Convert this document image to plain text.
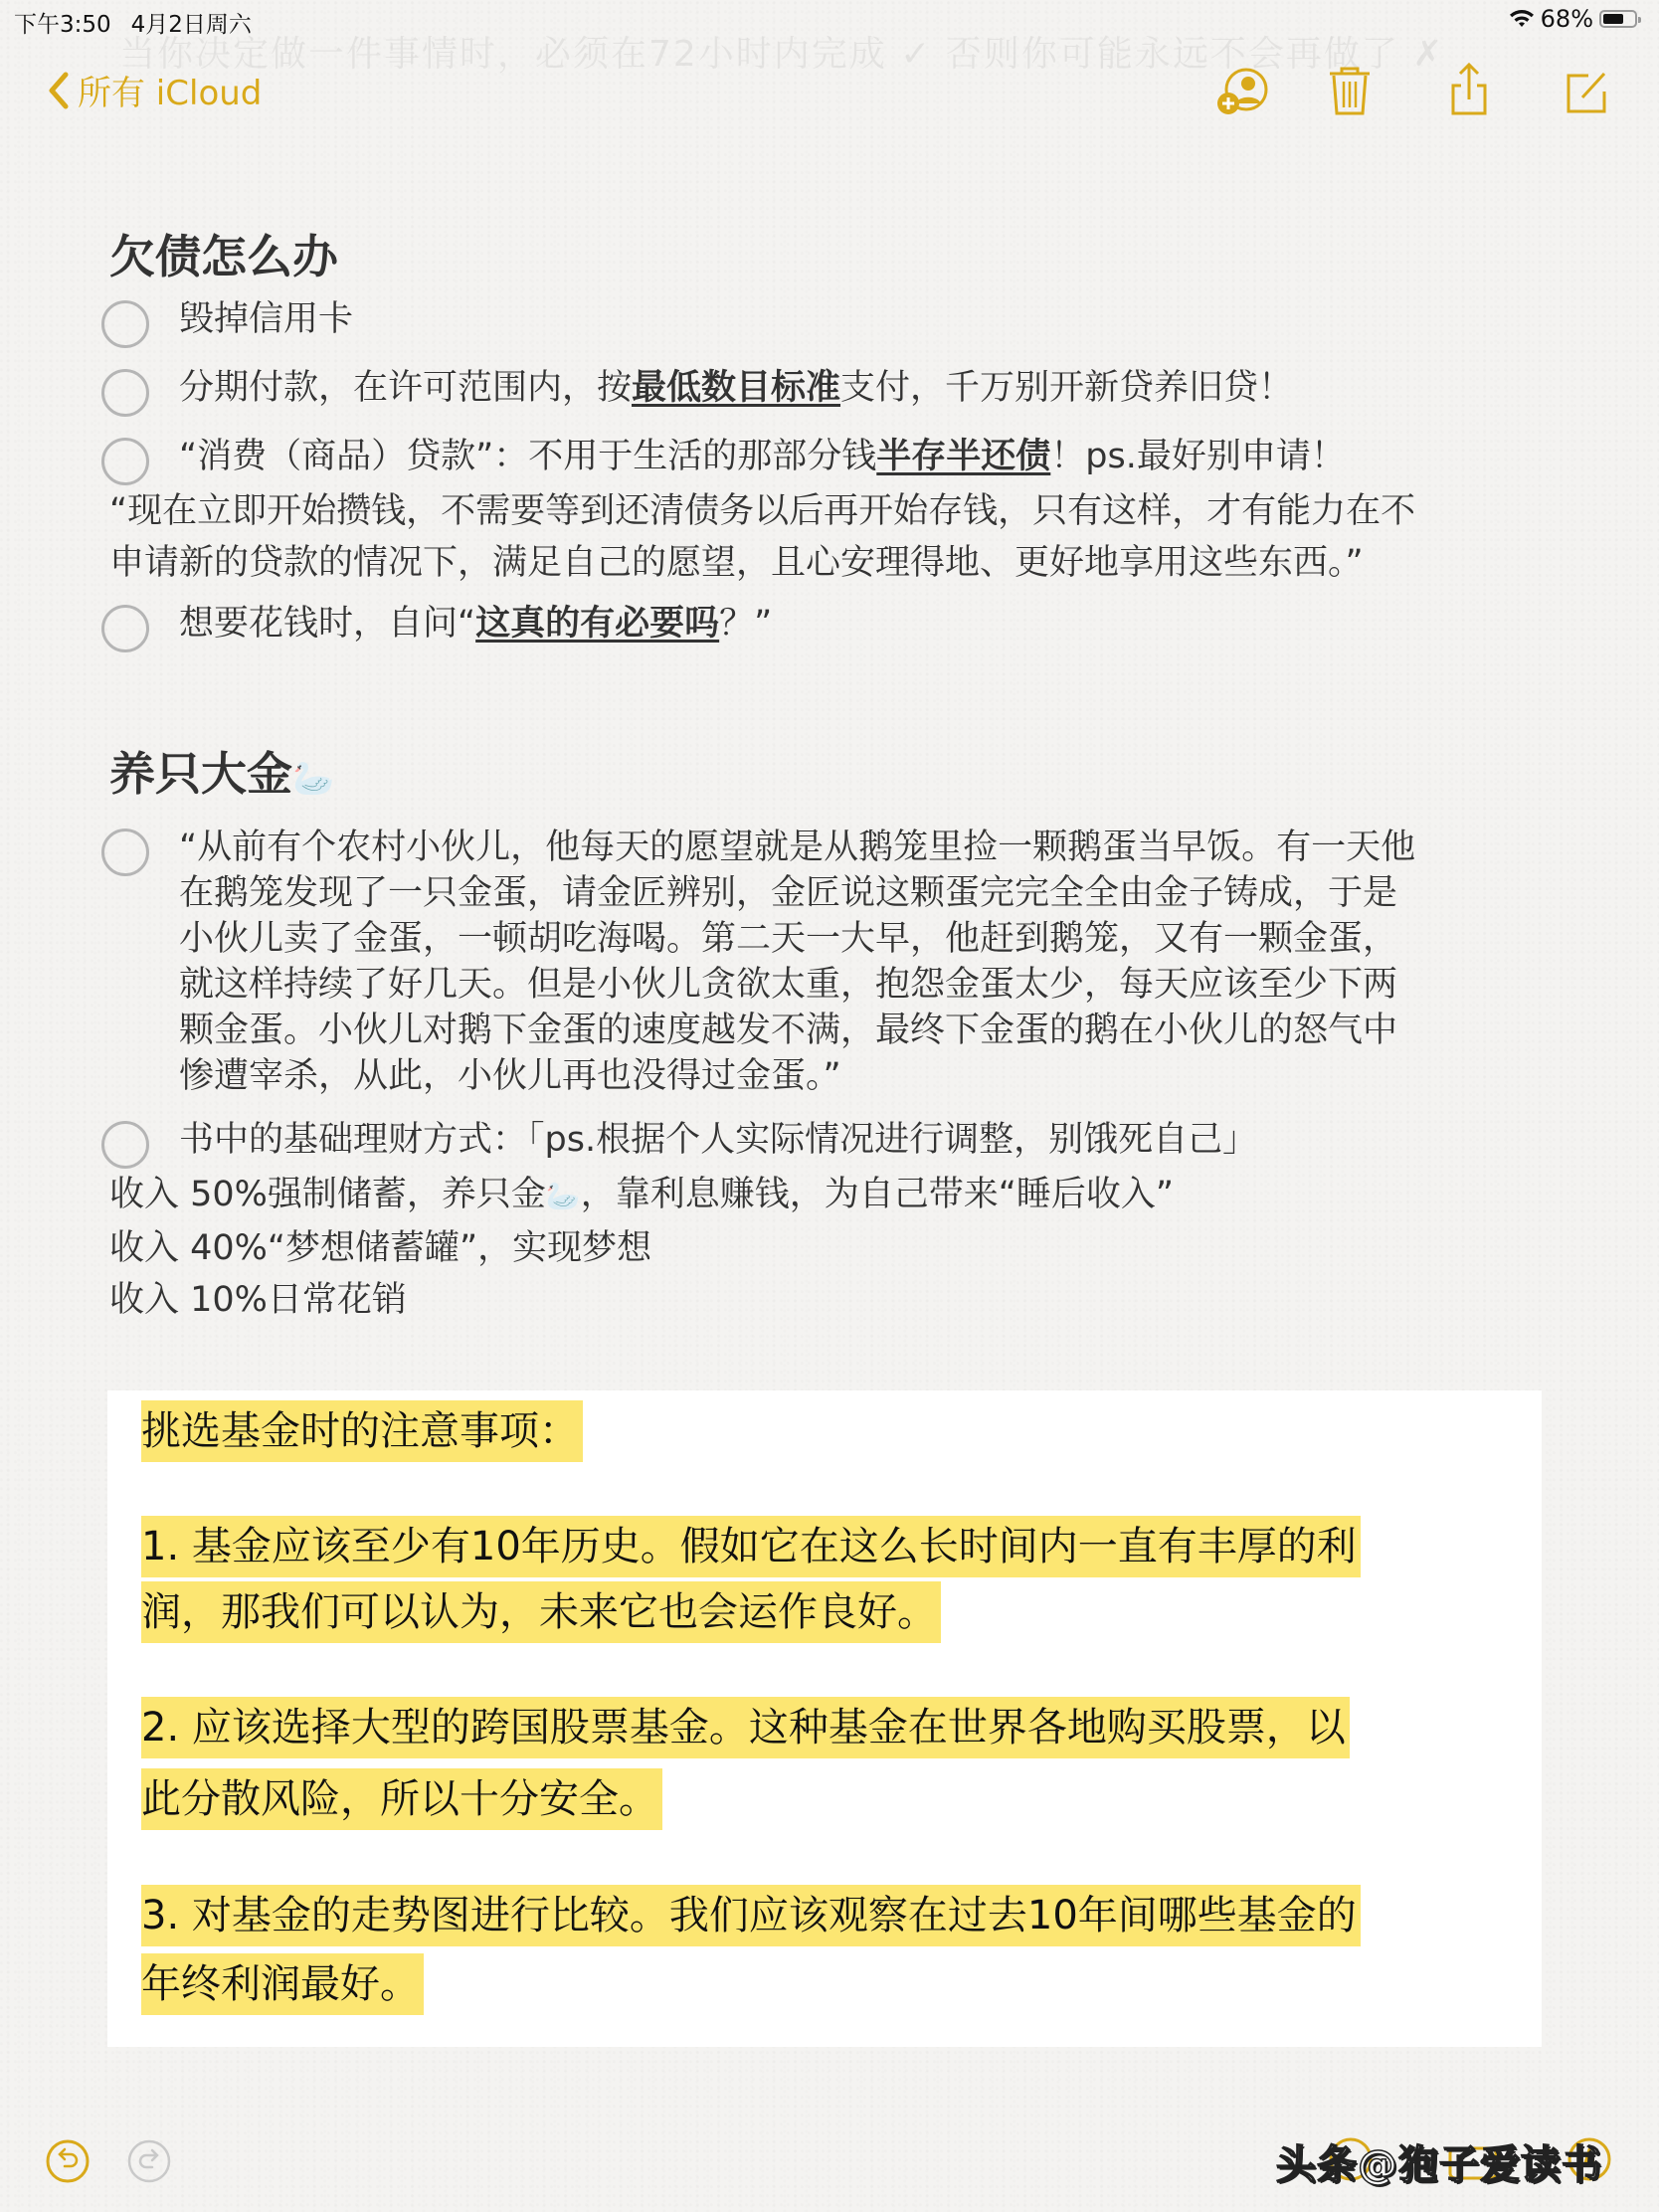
下午3:50 4月2日周六	68%
当你决定做一件事情时，必须在72小时内完成 ✓ 否则你可能永远不会再做了 ✗
所有 iCloud
欠债怎么办
毁掉信用卡
分期付款，在许可范围内，按最低数目标准支付，千万别开新贷养旧贷！
“消费（商品）贷款”：不用于生活的那部分钱半存半还债！ps.最好别申请！
“现在立即开始攒钱，不需要等到还清债务以后再开始存钱，只有这样，才有能力在不
申请新的贷款的情况下，满足自己的愿望，且心安理得地、更好地享用这些东西。”
想要花钱时，自问“这真的有必要吗？”
养只大金🦢
“从前有个农村小伙儿，他每天的愿望就是从鹅笼里捡一颗鹅蛋当早饭。有一天他
在鹅笼发现了一只金蛋，请金匠辨别，金匠说这颗蛋完完全全由金子铸成，于是
小伙儿卖了金蛋，一顿胡吃海喝。第二天一大早，他赶到鹅笼，又有一颗金蛋，
就这样持续了好几天。但是小伙儿贪欲太重，抱怨金蛋太少，每天应该至少下两
颗金蛋。小伙儿对鹅下金蛋的速度越发不满，最终下金蛋的鹅在小伙儿的怒气中
惨遭宰杀，从此，小伙儿再也没得过金蛋。”
书中的基础理财方式：「ps.根据个人实际情况进行调整，别饿死自己」
收入 50%强制储蓄，养只金🦢，靠利息赚钱，为自己带来“睡后收入”
收入 40%“梦想储蓄罐”，实现梦想
收入 10%日常花销
挑选基金时的注意事项：
1. 基金应该至少有10年历史。假如它在这么长时间内一直有丰厚的利
润，那我们可以认为，未来它也会运作良好。
2. 应该选择大型的跨国股票基金。这种基金在世界各地购买股票，以
此分散风险，所以十分安全。
3. 对基金的走势图进行比较。我们应该观察在过去10年间哪些基金的
年终利润最好。
头条@狍子爱读书
